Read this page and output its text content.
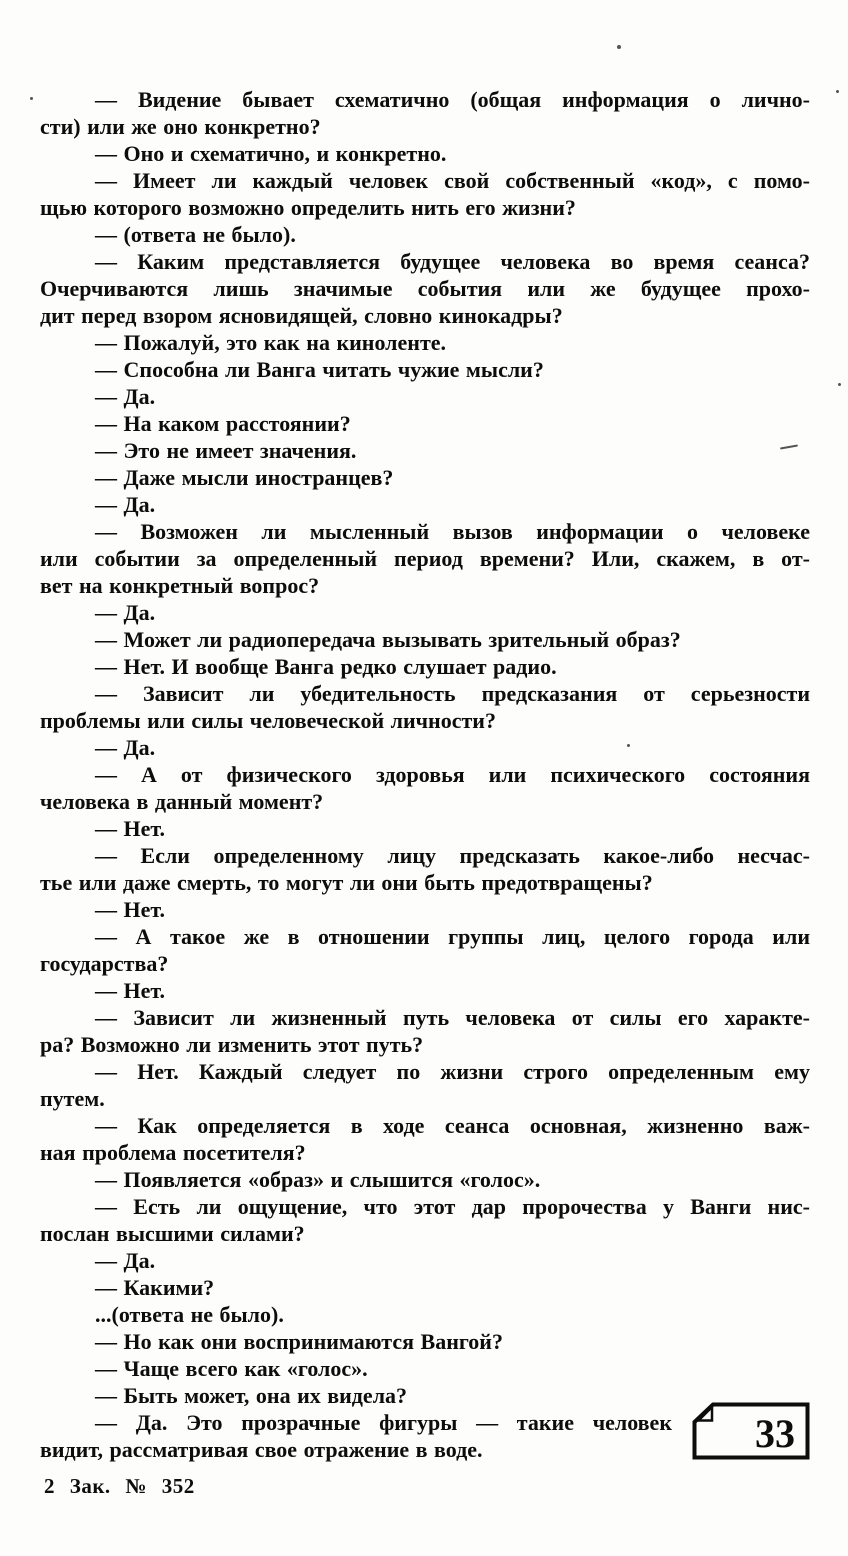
— Видение бывает схематично (общая информация о лично-
сти) или же оно конкретно?
— Оно и схематично, и конкретно.
— Имеет ли каждый человек свой собственный «код», с помо-
щью которого возможно определить нить его жизни?
— (ответа не было).
— Каким представляется будущее человека во время сеанса?
Очерчиваются лишь значимые события или же будущее прохо-
дит перед взором ясновидящей, словно кинокадры?
— Пожалуй, это как на киноленте.
— Способна ли Ванга читать чужие мысли?
— Да.
— На каком расстоянии?
— Это не имеет значения.
— Даже мысли иностранцев?
— Да.
— Возможен ли мысленный вызов информации о человеке
или событии за определенный период времени? Или, скажем, в от-
вет на конкретный вопрос?
— Да.
— Может ли радиопередача вызывать зрительный образ?
— Нет. И вообще Ванга редко слушает радио.
— Зависит ли убедительность предсказания от серьезности
проблемы или силы человеческой личности?
— Да.
— А от физического здоровья или психического состояния
человека в данный момент?
— Нет.
— Если определенному лицу предсказать какое-либо несчас-
тье или даже смерть, то могут ли они быть предотвращены?
— Нет.
— А такое же в отношении группы лиц, целого города или
государства?
— Нет.
— Зависит ли жизненный путь человека от силы его характе-
ра? Возможно ли изменить этот путь?
— Нет. Каждый следует по жизни строго определенным ему
путем.
— Как определяется в ходе сеанса основная, жизненно важ-
ная проблема посетителя?
— Появляется «образ» и слышится «голос».
— Есть ли ощущение, что этот дар пророчества у Ванги нис-
послан высшими силами?
— Да.
— Какими?
...(ответа не было).
— Но как они воспринимаются Вангой?
— Чаще всего как «голос».
— Быть может, она их видела?
33
— Да. Это прозрачные фигуры — такие человек
видит, рассматривая свое отражение в воде.
2 Зак. № 352
